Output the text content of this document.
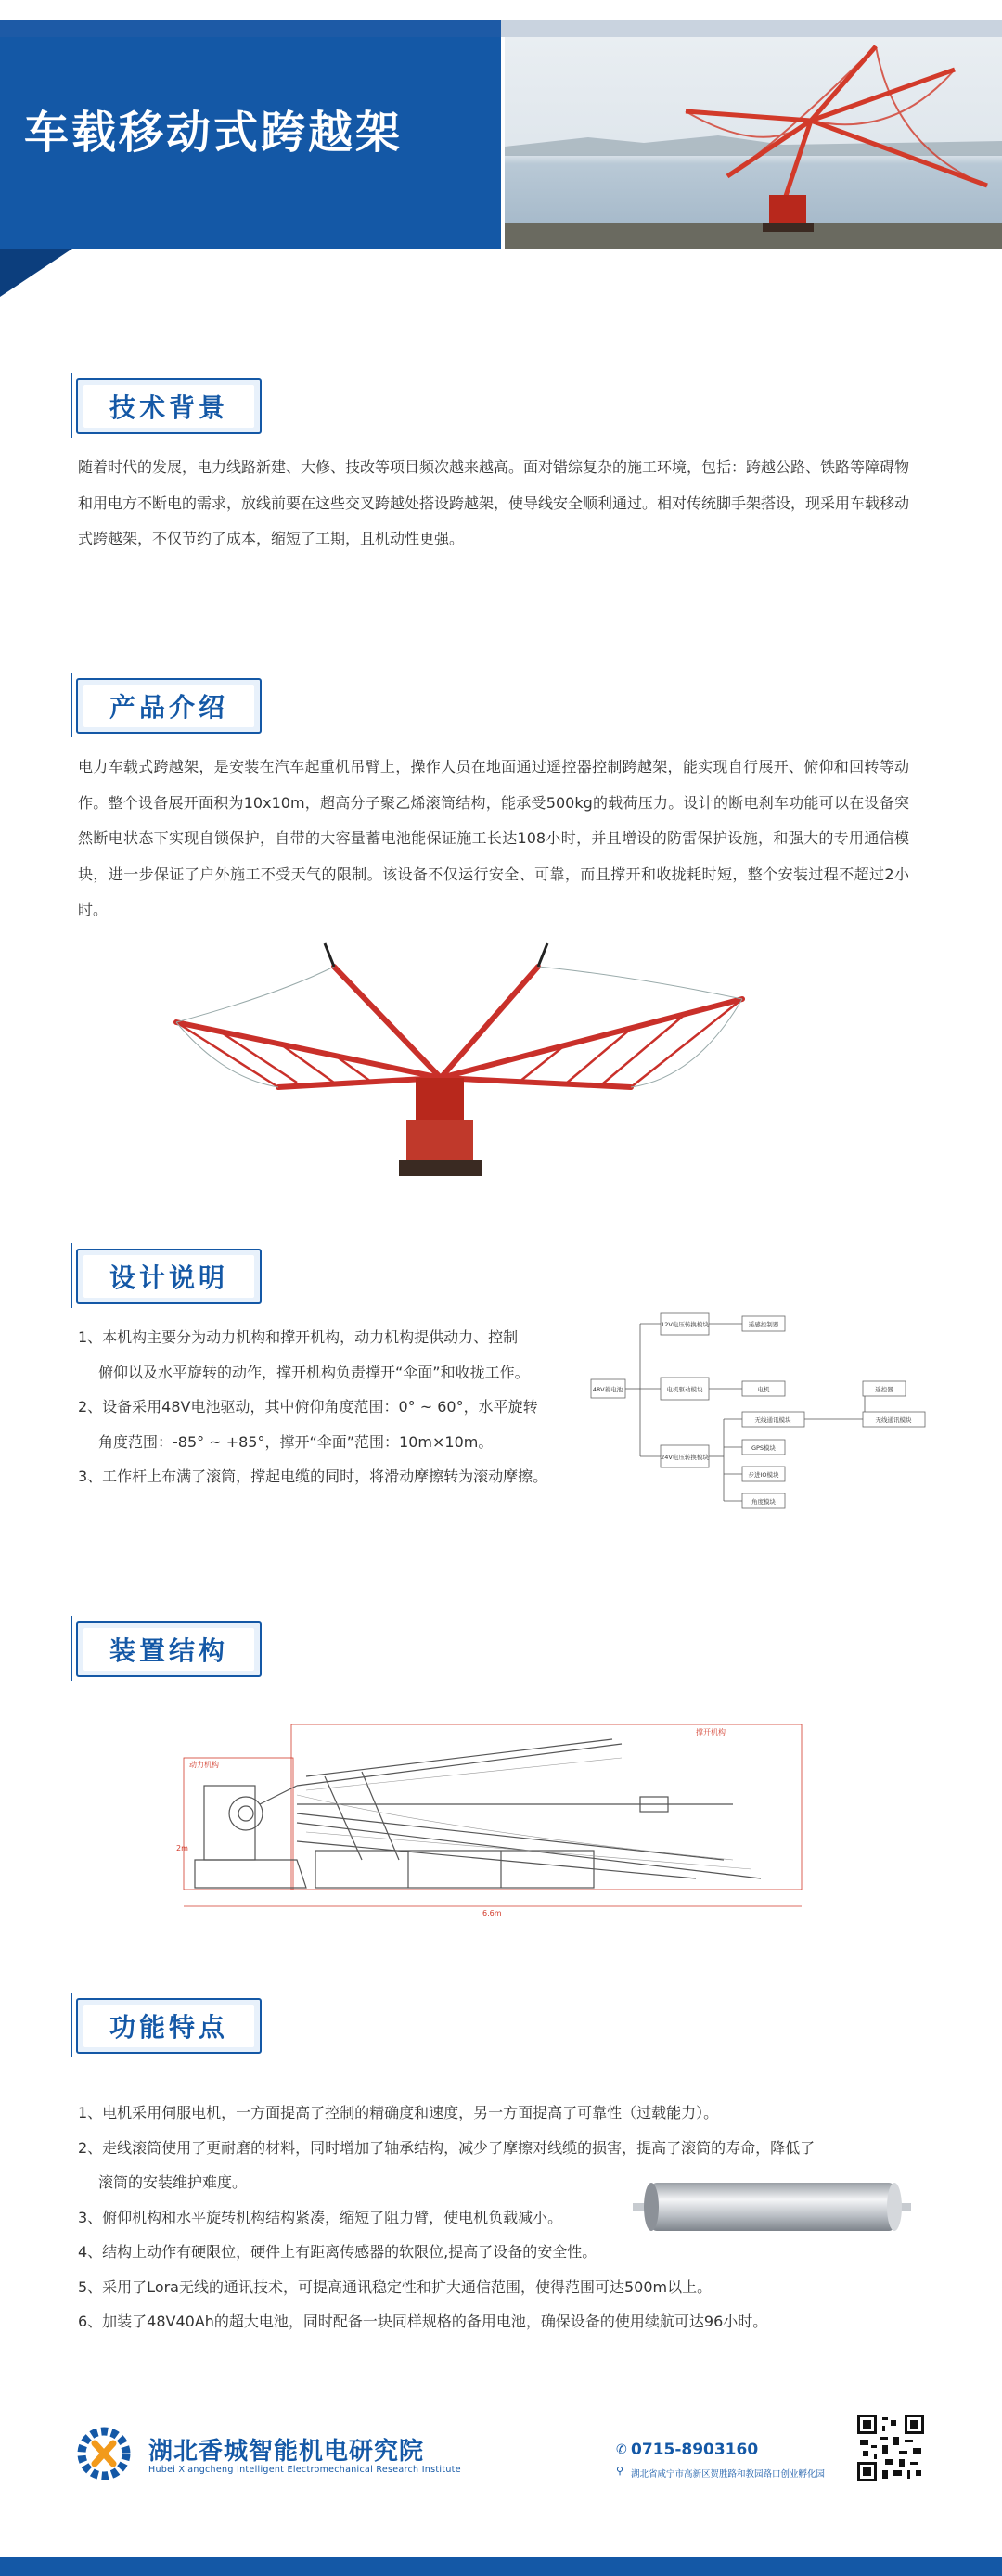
车载移动式跨越架
技术背景
随着时代的发展，电力线路新建、大修、技改等项目频次越来越高。面对错综复杂的施工环境，包括：跨越公路、铁路等障碍物和用电方不断电的需求，放线前要在这些交叉跨越处搭设跨越架，使导线安全顺利通过。相对传统脚手架搭设，现采用车载移动式跨越架，不仅节约了成本，缩短了工期，且机动性更强。
产品介绍
电力车载式跨越架，是安装在汽车起重机吊臂上，操作人员在地面通过遥控器控制跨越架，能实现自行展开、俯仰和回转等动作。整个设备展开面积为10x10m，超高分子聚乙烯滚筒结构，能承受500kg的载荷压力。设计的断电刹车功能可以在设备突然断电状态下实现自锁保护，自带的大容量蓄电池能保证施工长达108小时，并且增设的防雷保护设施，和强大的专用通信模块，进一步保证了户外施工不受天气的限制。该设备不仅运行安全、可靠，而且撑开和收拢耗时短，整个安装过程不超过2小时。
设计说明
1、本机构主要分为动力机构和撑开机构，动力机构提供动力、控制
俯仰以及水平旋转的动作，撑开机构负责撑开“伞面”和收拢工作。
2、设备采用48V电池驱动，其中俯仰角度范围：0° ~ 60°，水平旋转
角度范围：-85° ~ +85°，撑开“伞面”范围：10m×10m。
3、工作杆上布满了滚筒，撑起电缆的同时，将滑动摩擦转为滚动摩擦。
48V蓄电池
12V电压转换模块	遥感控制器
电机驱动模块	电机
24V电压转换模块
无线通讯模块
GPS模块
步进IO模块
角度模块
遥控器
无线通讯模块
装置结构
撑开机构
动力机构
2m
6.6m
功能特点
1、电机采用伺服电机，一方面提高了控制的精确度和速度，另一方面提高了可靠性（过载能力）。
2、走线滚筒使用了更耐磨的材料，同时增加了轴承结构，减少了摩擦对线缆的损害，提高了滚筒的寿命，降低了
滚筒的安装维护难度。
3、俯仰机构和水平旋转机构结构紧凑，缩短了阻力臂，使电机负载减小。
4、结构上动作有硬限位，硬件上有距离传感器的软限位,提高了设备的安全性。
5、采用了Lora无线的通讯技术，可提高通讯稳定性和扩大通信范围，使得范围可达500m以上。
6、加装了48V40Ah的超大电池，同时配备一块同样规格的备用电池，确保设备的使用续航可达96小时。
湖北香城智能机电研究院
Hubei Xiangcheng Intelligent Electromechanical Research Institute
✆ 0715-8903160
⚲ 湖北省咸宁市高新区贺胜路和教园路口创业孵化园
